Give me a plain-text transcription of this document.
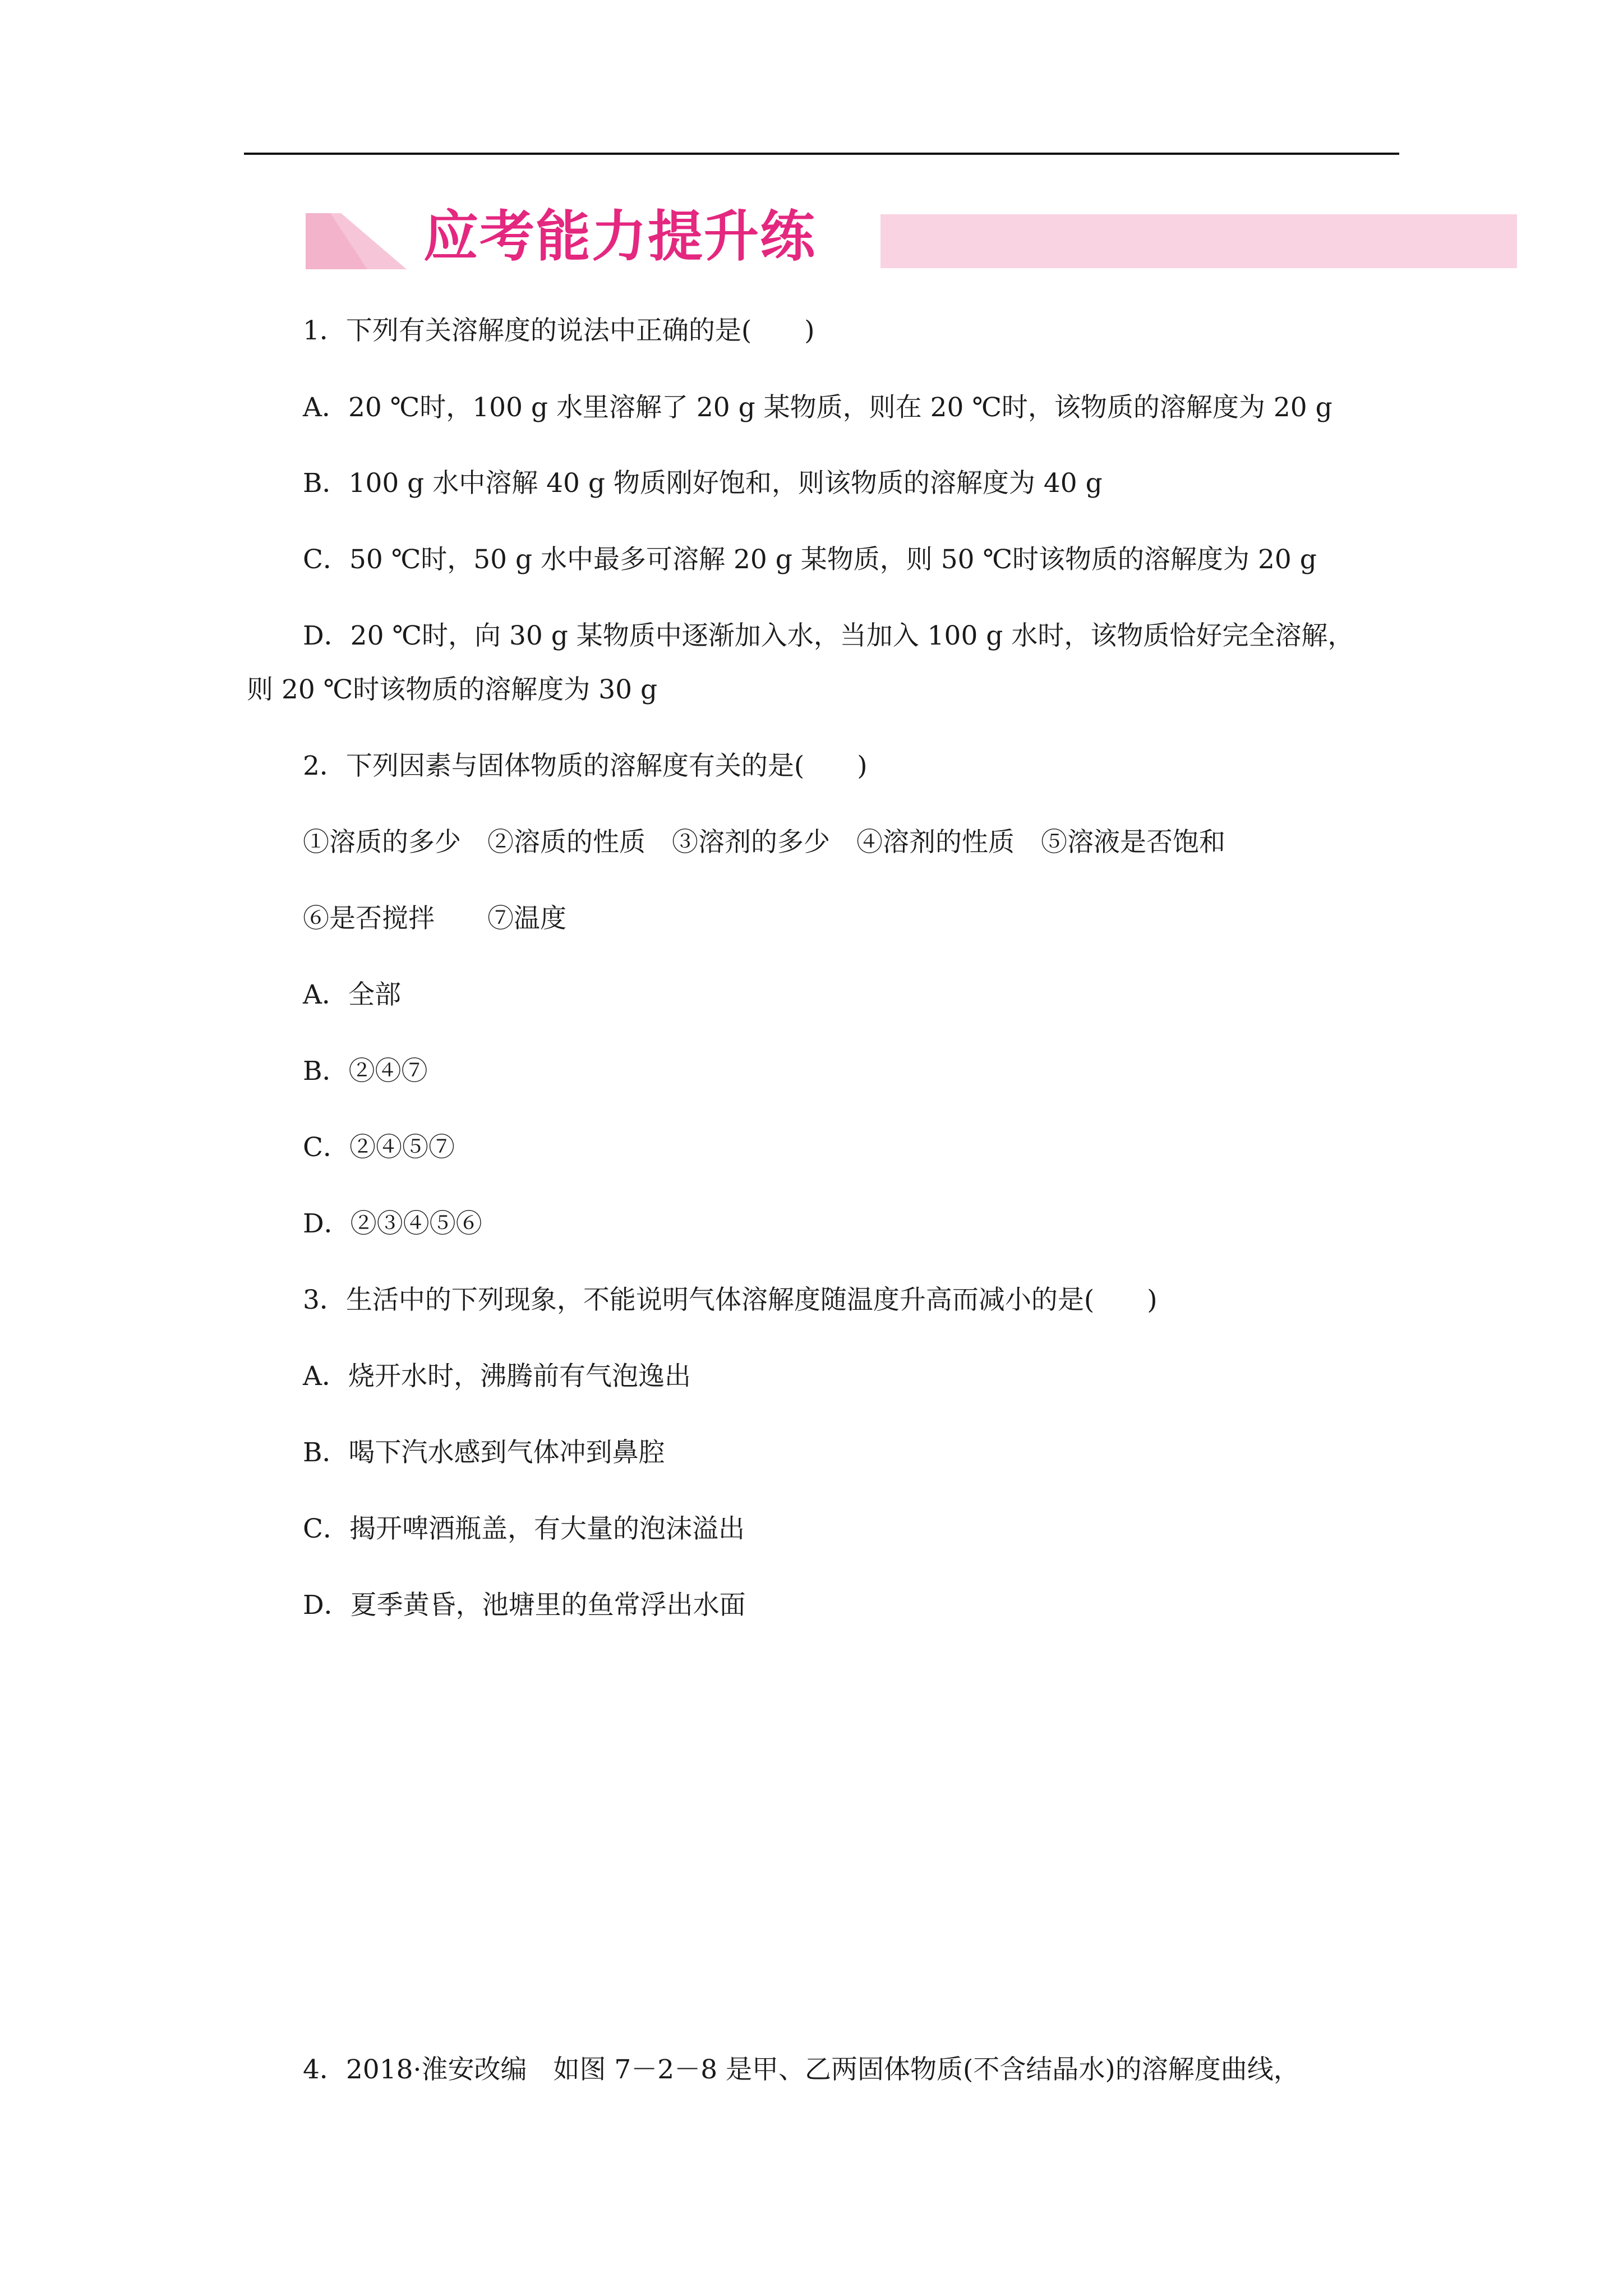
应考能力提升练
1．下列有关溶解度的说法中正确的是(　　)
A．20 ℃时，100 g 水里溶解了 20 g 某物质，则在 20 ℃时，该物质的溶解度为 20 g
B．100 g 水中溶解 40 g 物质刚好饱和，则该物质的溶解度为 40 g
C．50 ℃时，50 g 水中最多可溶解 20 g 某物质，则 50 ℃时该物质的溶解度为 20 g
D．20 ℃时，向 30 g 某物质中逐渐加入水，当加入 100 g 水时，该物质恰好完全溶解，
则 20 ℃时该物质的溶解度为 30 g
2．下列因素与固体物质的溶解度有关的是(　　)
①溶质的多少　②溶质的性质　③溶剂的多少　④溶剂的性质　⑤溶液是否饱和
⑥是否搅拌　　⑦温度
A．全部
B．②④⑦
C．②④⑤⑦
D．②③④⑤⑥
3．生活中的下列现象，不能说明气体溶解度随温度升高而减小的是(　　)
A．烧开水时，沸腾前有气泡逸出
B．喝下汽水感到气体冲到鼻腔
C．揭开啤酒瓶盖，有大量的泡沫溢出
D．夏季黄昏，池塘里的鱼常浮出水面
4．2018·淮安改编　如图 7－2－8 是甲、乙两固体物质(不含结晶水)的溶解度曲线，
